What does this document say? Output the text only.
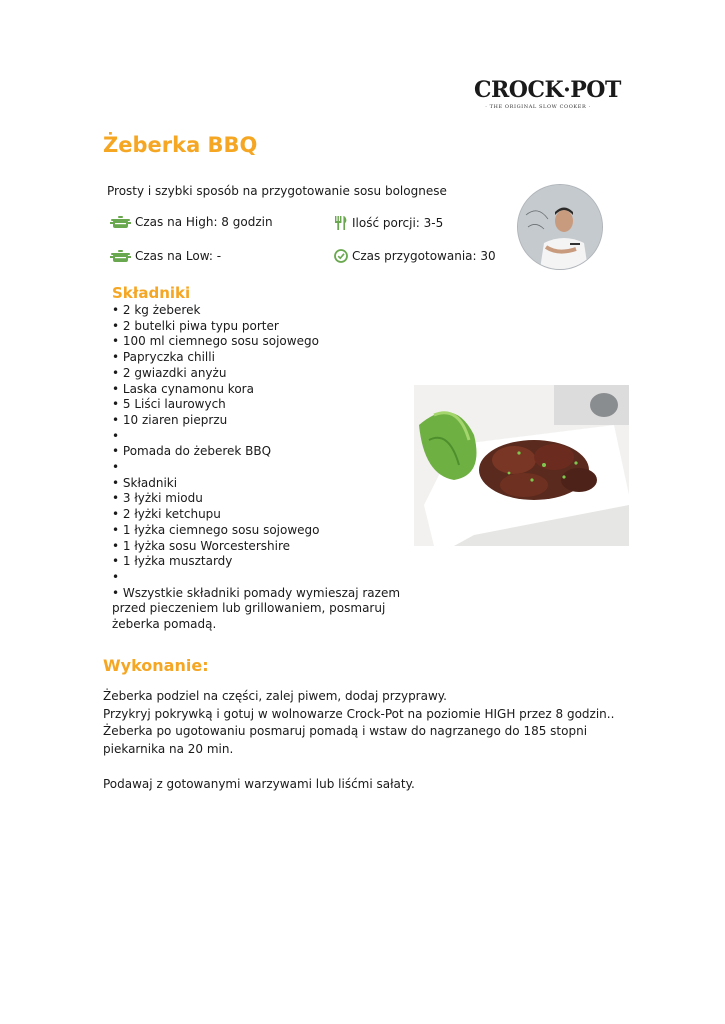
CROCK·POT
· THE ORIGINAL SLOW COOKER ·
Żeberka BBQ
Prosty i szybki sposób na przygotowanie sosu bolognese
Czas na High: 8 godzin	Ilość porcji: 3-5
Czas na Low: -	Czas przygotowania: 30
Składniki
• 2 kg żeberek
• 2 butelki piwa typu porter
• 100 ml ciemnego sosu sojowego
• Papryczka chilli
• 2 gwiazdki anyżu
• Laska cynamonu kora
• 5 Liści laurowych
• 10 ziaren pieprzu
•
• Pomada do żeberek BBQ
•
• Składniki
• 3 łyżki miodu
• 2 łyżki ketchupu
• 1 łyżka ciemnego sosu sojowego
• 1 łyżka sosu Worcestershire
• 1 łyżka musztardy
•
• Wszystkie składniki pomady wymieszaj razem
przed pieczeniem lub grillowaniem, posmaruj
żeberka pomadą.
Wykonanie:

Żeberka podziel na części, zalej piwem, dodaj przyprawy.

Przykryj pokrywką i gotuj w wolnowarze Crock-Pot na poziomie HIGH przez 8 godzin..

Żeberka po ugotowaniu posmaruj pomadą i wstaw do nagrzanego do 185 stopni

piekarnika na 20 min.

Podawaj z gotowanymi warzywami lub liśćmi sałaty.
